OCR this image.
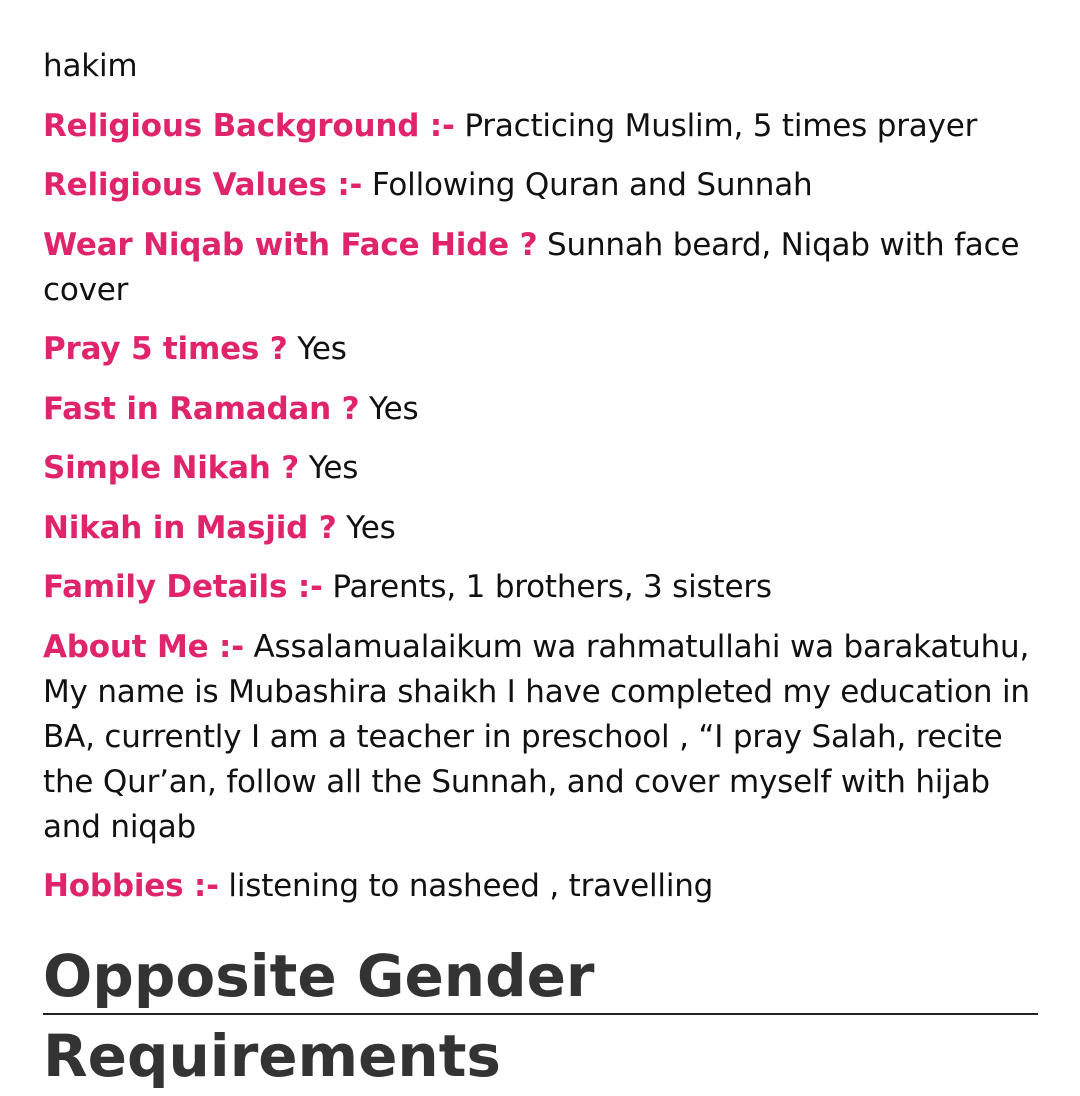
hakim

Religious Background :- Practicing Muslim, 5 times prayer

Religious Values :- Following Quran and Sunnah

Wear Niqab with Face Hide ? Sunnah beard, Niqab with face cover

Pray 5 times ? Yes

Fast in Ramadan ? Yes

Simple Nikah ? Yes

Nikah in Masjid ? Yes

Family Details :- Parents, 1 brothers, 3 sisters

About Me :- Assalamualaikum wa rahmatullahi wa barakatuhu, My name is Mubashira shaikh I have completed my education in BA, currently I am a teacher in preschool , “I pray Salah, recite the Qur’an, follow all the Sunnah, and cover myself with hijab and niqab

Hobbies :- listening to nasheed , travelling

Opposite Gender Requirements
